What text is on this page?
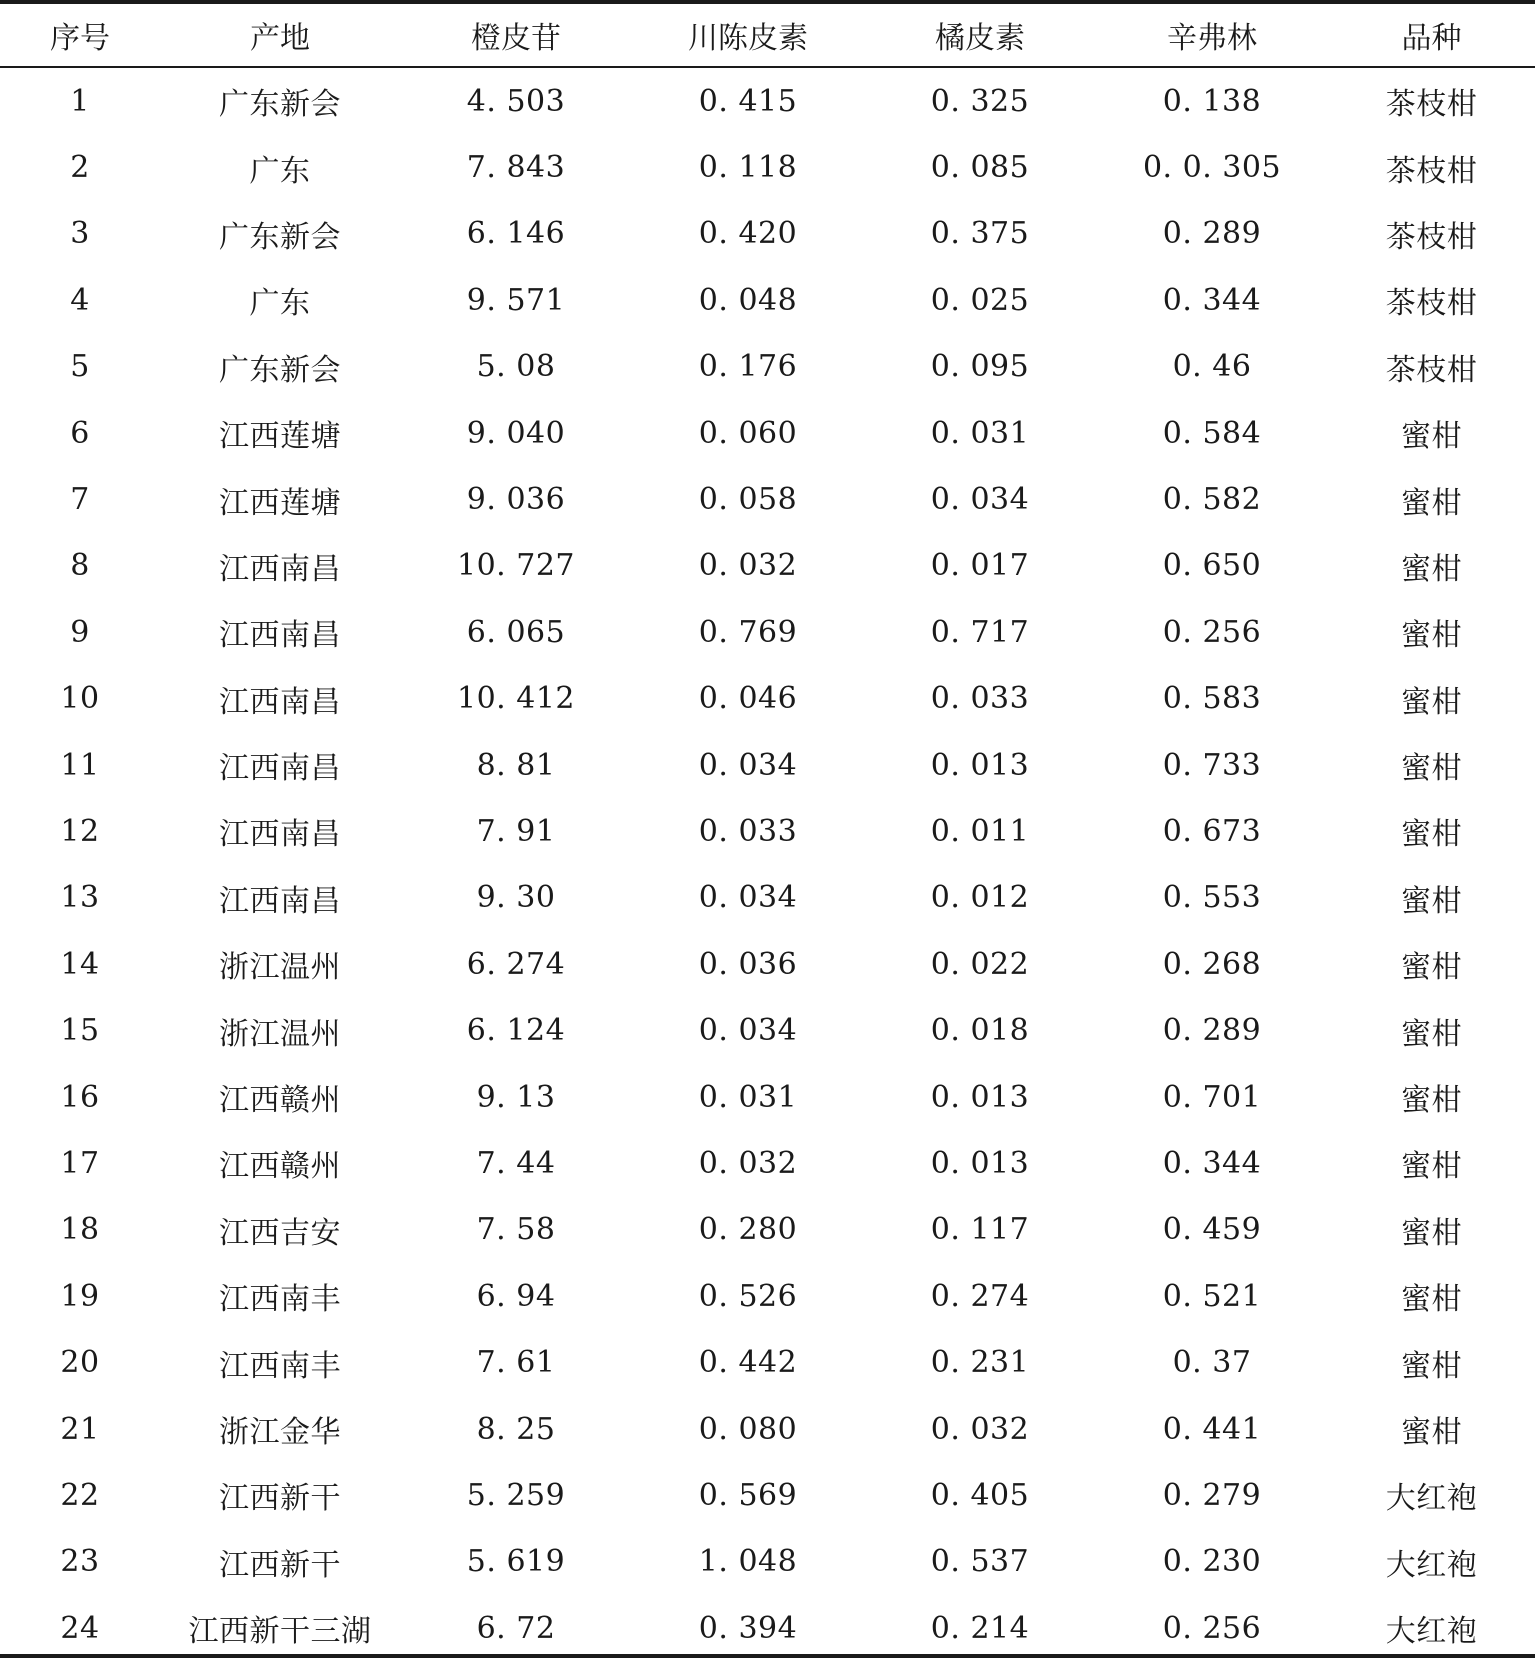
序号	产地	橙皮苷	川陈皮素	橘皮素	辛弗林	品种
1	广东新会	4. 503	0. 415	0. 325	0. 138	茶枝柑
2	广东	7. 843	0. 118	0. 085	0. 0. 305	茶枝柑
3	广东新会	6. 146	0. 420	0. 375	0. 289	茶枝柑
4	广东	9. 571	0. 048	0. 025	0. 344	茶枝柑
5	广东新会	5. 08	0. 176	0. 095	0. 46	茶枝柑
6	江西莲塘	9. 040	0. 060	0. 031	0. 584	蜜柑
7	江西莲塘	9. 036	0. 058	0. 034	0. 582	蜜柑
8	江西南昌	10. 727	0. 032	0. 017	0. 650	蜜柑
9	江西南昌	6. 065	0. 769	0. 717	0. 256	蜜柑
10	江西南昌	10. 412	0. 046	0. 033	0. 583	蜜柑
11	江西南昌	8. 81	0. 034	0. 013	0. 733	蜜柑
12	江西南昌	7. 91	0. 033	0. 011	0. 673	蜜柑
13	江西南昌	9. 30	0. 034	0. 012	0. 553	蜜柑
14	浙江温州	6. 274	0. 036	0. 022	0. 268	蜜柑
15	浙江温州	6. 124	0. 034	0. 018	0. 289	蜜柑
16	江西赣州	9. 13	0. 031	0. 013	0. 701	蜜柑
17	江西赣州	7. 44	0. 032	0. 013	0. 344	蜜柑
18	江西吉安	7. 58	0. 280	0. 117	0. 459	蜜柑
19	江西南丰	6. 94	0. 526	0. 274	0. 521	蜜柑
20	江西南丰	7. 61	0. 442	0. 231	0. 37	蜜柑
21	浙江金华	8. 25	0. 080	0. 032	0. 441	蜜柑
22	江西新干	5. 259	0. 569	0. 405	0. 279	大红袍
23	江西新干	5. 619	1. 048	0. 537	0. 230	大红袍
24	江西新干三湖	6. 72	0. 394	0. 214	0. 256	大红袍
